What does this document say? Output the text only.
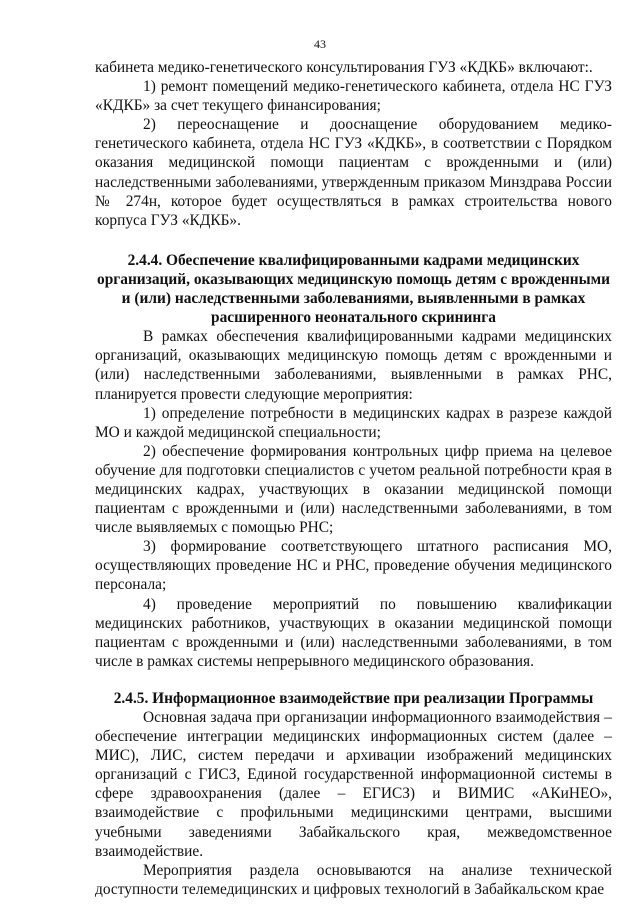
43

кабинета медико-генетического консультирования ГУЗ «КДКБ» включают:.

1) ремонт помещений медико-генетического кабинета, отдела НС ГУЗ «КДКБ» за счет текущего финансирования;

2) переоснащение и дооснащение оборудованием медико-генетического кабинета, отдела НС ГУЗ «КДКБ», в соответствии с Порядком оказания медицинской помощи пациентам с врожденными и (или) наследственными заболеваниями, утвержденным приказом Минздрава России № 274н, которое будет осуществляться в рамках строительства нового корпуса ГУЗ «КДКБ».

2.4.4. Обеспечение квалифицированными кадрами медицинских организаций, оказывающих медицинскую помощь детям с врожденными и (или) наследственными заболеваниями, выявленными в рамках расширенного неонатального скрининга

В рамках обеспечения квалифицированными кадрами медицинских организаций, оказывающих медицинскую помощь детям с врожденными и (или) наследственными заболеваниями, выявленными в рамках РНС, планируется провести следующие мероприятия:

1) определение потребности в медицинских кадрах в разрезе каждой МО и каждой медицинской специальности;

2) обеспечение формирования контрольных цифр приема на целевое обучение для подготовки специалистов с учетом реальной потребности края в медицинских кадрах, участвующих в оказании медицинской помощи пациентам с врожденными и (или) наследственными заболеваниями, в том числе выявляемых с помощью РНС;

3) формирование соответствующего штатного расписания МО, осуществляющих проведение НС и РНС, проведение обучения медицинского персонала;

4) проведение мероприятий по повышению квалификации медицинских работников, участвующих в оказании медицинской помощи пациентам с врожденными и (или) наследственными заболеваниями, в том числе в рамках системы непрерывного медицинского образования.

2.4.5. Информационное взаимодействие при реализации Программы

Основная задача при организации информационного взаимодействия – обеспечение интеграции медицинских информационных систем (далее – МИС), ЛИС, систем передачи и архивации изображений медицинских организаций с ГИСЗ, Единой государственной информационной системы в сфере здравоохранения (далее – ЕГИСЗ) и ВИМИС «АКиНЕО», взаимодействие с профильными медицинскими центрами, высшими учебными заведениями Забайкальского края, межведомственное взаимодействие.

Мероприятия раздела основываются на анализе технической доступности телемедицинских и цифровых технологий в Забайкальском крае
